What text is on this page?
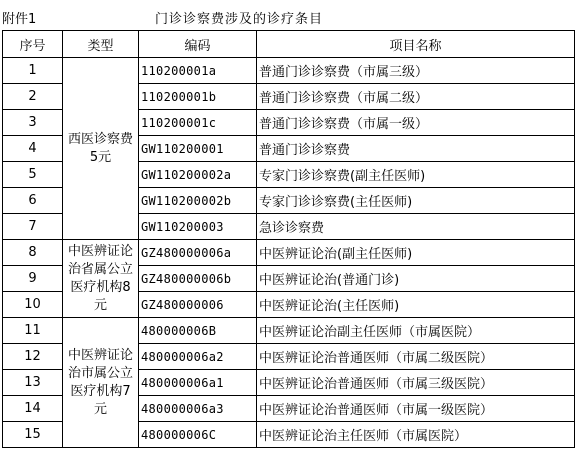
附件1	门诊诊察费涉及的诊疗条目
序号	类型	编码	项目名称
1	西医诊察费5元	110200001a	普通门诊诊察费（市属三级）
2		110200001b	普通门诊诊察费（市属二级）
3		110200001c	普通门诊诊察费（市属一级）
4		GW110200001	普通门诊诊察费
5		GW110200002a	专家门诊诊察费(副主任医师)
6		GW110200002b	专家门诊诊察费(主任医师)
7		GW110200003	急诊诊察费
8	中医辨证论治省属公立医疗机构8元	GZ480000006a	中医辨证论治(副主任医师)
9		GZ480000006b	中医辨证论治(普通门诊)
10		GZ480000006	中医辨证论治(主任医师)
11	中医辨证论治市属公立医疗机构7元	480000006B	中医辨证论治副主任医师（市属医院）
12		480000006a2	中医辨证论治普通医师（市属二级医院）
13		480000006a1	中医辨证论治普通医师（市属三级医院）
14		480000006a3	中医辨证论治普通医师（市属一级医院）
15		480000006C	中医辨证论治主任医师（市属医院）
